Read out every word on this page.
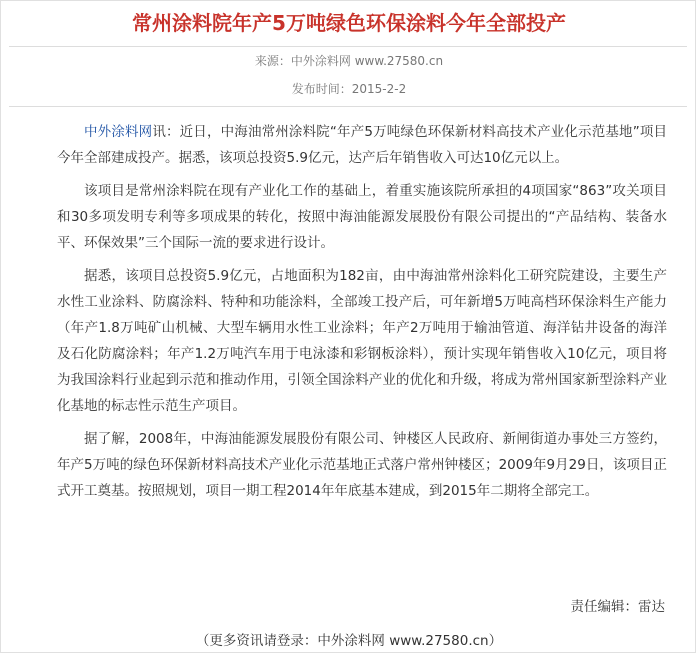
常州涂料院年产5万吨绿色环保涂料今年全部投产
来源：中外涂料网 www.27580.cn
发布时间：2015-2-2

中外涂料网讯：近日，中海油常州涂料院“年产5万吨绿色环保新材料高技术产业化示范基地”项目今年全部建成投产。据悉，该项总投资5.9亿元，达产后年销售收入可达10亿元以上。

该项目是常州涂料院在现有产业化工作的基础上，着重实施该院所承担的4项国家“863”攻关项目和30多项发明专利等多项成果的转化，按照中海油能源发展股份有限公司提出的“产品结构、装备水平、环保效果”三个国际一流的要求进行设计。

据悉，该项目总投资5.9亿元，占地面积为182亩，由中海油常州涂料化工研究院建设，主要生产水性工业涂料、防腐涂料、特种和功能涂料，全部竣工投产后，可年新增5万吨高档环保涂料生产能力（年产1.8万吨矿山机械、大型车辆用水性工业涂料；年产2万吨用于输油管道、海洋钻井设备的海洋及石化防腐涂料；年产1.2万吨汽车用于电泳漆和彩钢板涂料），预计实现年销售收入10亿元，项目将为我国涂料行业起到示范和推动作用，引领全国涂料产业的优化和升级，将成为常州国家新型涂料产业化基地的标志性示范生产项目。

据了解，2008年，中海油能源发展股份有限公司、钟楼区人民政府、新闸街道办事处三方签约，年产5万吨的绿色环保新材料高技术产业化示范基地正式落户常州钟楼区；2009年9月29日，该项目正式开工奠基。按照规划，项目一期工程2014年年底基本建成，到2015年二期将全部完工。

责任编辑：雷达
（更多资讯请登录：中外涂料网 www.27580.cn）
